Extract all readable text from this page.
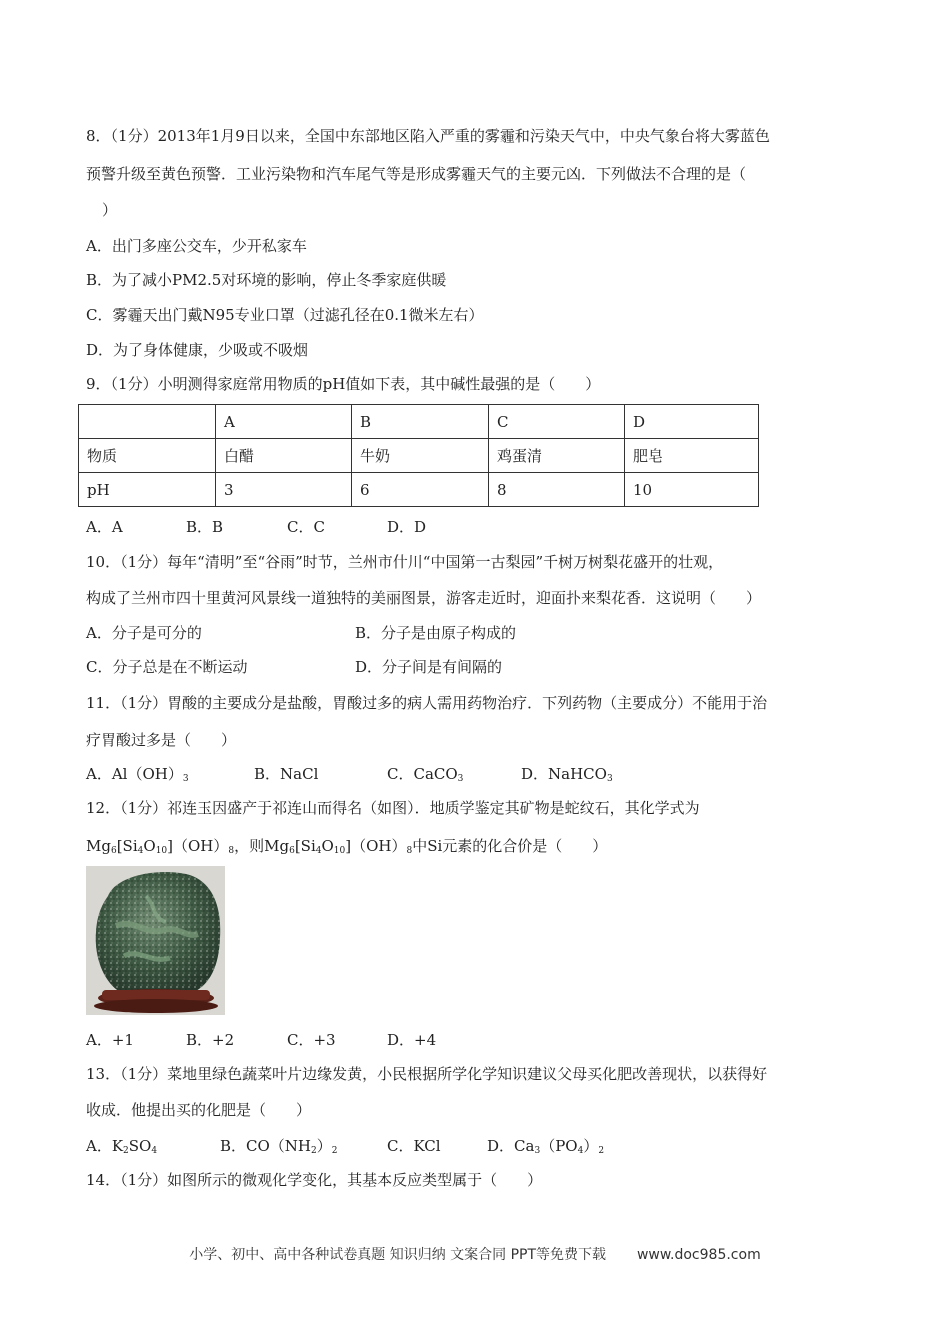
8．（1分）2013年1月9日以来，全国中东部地区陷入严重的雾霾和污染天气中，中央气象台将大雾蓝色
预警升级至黄色预警．工业污染物和汽车尾气等是形成雾霾天气的主要元凶．下列做法不合理的是（
）
A．出门多座公交车，少开私家车
B．为了减小PM2.5对环境的影响，停止冬季家庭供暖
C．雾霾天出门戴N95专业口罩（过滤孔径在0.1微米左右）
D．为了身体健康，少吸或不吸烟
9．（1分）小明测得家庭常用物质的pH值如下表，其中碱性最强的是（　　）
	A	B	C	D
物质	白醋	牛奶	鸡蛋清	肥皂
pH	3	6	8	10
A．A	B．B	C．C	D．D
10．（1分）每年“清明”至“谷雨”时节，兰州市什川“中国第一古梨园”千树万树梨花盛开的壮观，
构成了兰州市四十里黄河风景线一道独特的美丽图景，游客走近时，迎面扑来梨花香．这说明（　　）
A．分子是可分的	B．分子是由原子构成的
C．分子总是在不断运动	D．分子间是有间隔的
11．（1分）胃酸的主要成分是盐酸，胃酸过多的病人需用药物治疗．下列药物（主要成分）不能用于治
疗胃酸过多是（　　）
A．$Al(OH)_3$	B．NaCl	C．CaCO$_3$	D．NaHCO$_3$
12．（1分）祁连玉因盛产于祁连山而得名（如图）．地质学鉴定其矿物是蛇纹石，其化学式为
$Mg_6[Si_4O_{10}](OH)_8$，则$Mg_6[Si_4O_{10}](OH)_8$中Si元素的化合价是（　　）
A．+1	B．+2	C．+3	D．+4
13．（1分）菜地里绿色蔬菜叶片边缘发黄，小民根据所学化学知识建议父母买化肥改善现状，以获得好
收成．他提出买的化肥是（　　）
A．$K_2SO_4$	B．$CO(NH_2)_2$	C．KCl	D．$Ca_3(PO_4)_2$
14．（1分）如图所示的微观化学变化，其基本反应类型属于（　　）
小学、初中、高中各种试卷真题 知识归纳 文案合同 PPT等免费下载 www.doc985.com
